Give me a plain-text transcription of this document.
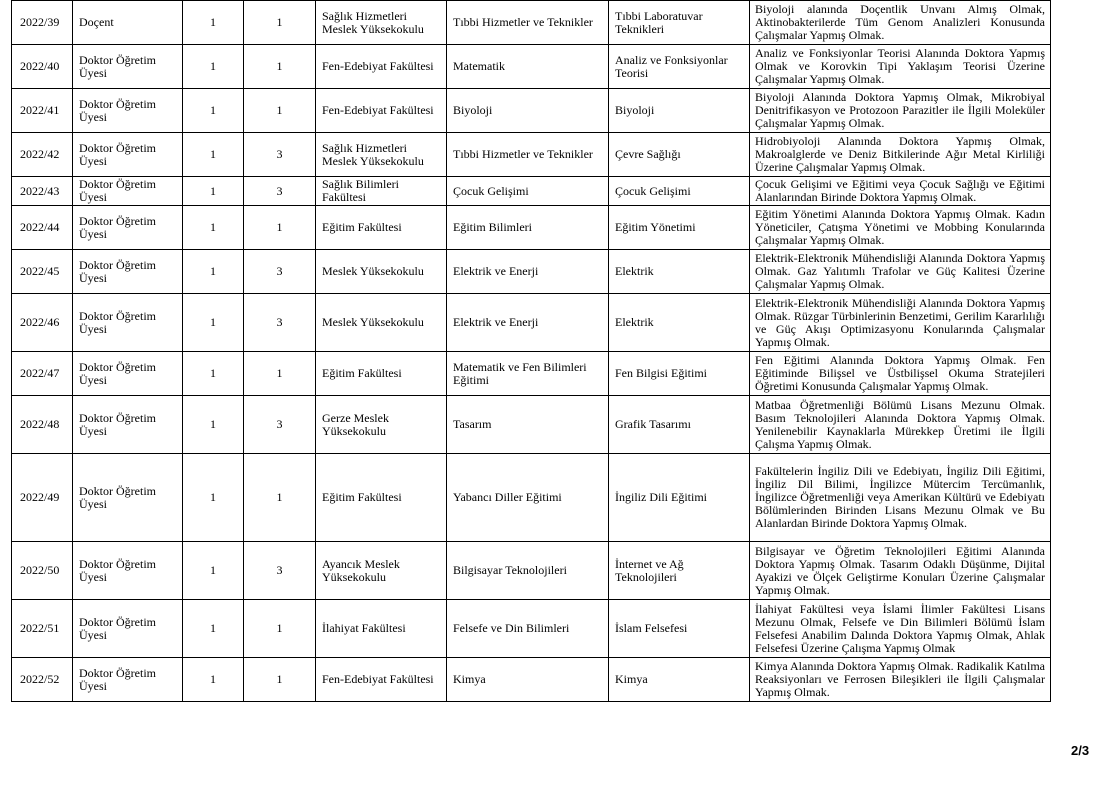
2022/39	Doçent	1	1	Sağlık Hizmetleri Meslek Yüksekokulu	Tıbbi Hizmetler ve Teknikler	Tıbbi Laboratuvar Teknikleri	Biyoloji alanında Doçentlik Unvanı Almış Olmak, Aktinobakterilerde Tüm Genom Analizleri Konusunda Çalışmalar Yapmış Olmak.
2022/40	Doktor Öğretim Üyesi	1	1	Fen-Edebiyat Fakültesi	Matematik	Analiz ve Fonksiyonlar Teorisi	Analiz ve Fonksiyonlar Teorisi Alanında Doktora Yapmış Olmak ve Korovkin Tipi Yaklaşım Teorisi Üzerine Çalışmalar Yapmış Olmak.
2022/41	Doktor Öğretim Üyesi	1	1	Fen-Edebiyat Fakültesi	Biyoloji	Biyoloji	Biyoloji Alanında Doktora Yapmış Olmak, Mikrobiyal Denitrifikasyon ve Protozoon Parazitler ile İlgili Moleküler Çalışmalar Yapmış Olmak.
2022/42	Doktor Öğretim Üyesi	1	3	Sağlık Hizmetleri Meslek Yüksekokulu	Tıbbi Hizmetler ve Teknikler	Çevre Sağlığı	Hidrobiyoloji Alanında Doktora Yapmış Olmak, Makroalglerde ve Deniz Bitkilerinde Ağır Metal Kirliliği Üzerine Çalışmalar Yapmış Olmak.
2022/43	Doktor Öğretim Üyesi	1	3	Sağlık Bilimleri Fakültesi	Çocuk Gelişimi	Çocuk Gelişimi	Çocuk Gelişimi ve Eğitimi veya Çocuk Sağlığı ve Eğitimi Alanlarından Birinde Doktora Yapmış Olmak.
2022/44	Doktor Öğretim Üyesi	1	1	Eğitim Fakültesi	Eğitim Bilimleri	Eğitim Yönetimi	Eğitim Yönetimi Alanında Doktora Yapmış Olmak. Kadın Yöneticiler, Çatışma Yönetimi ve Mobbing Konularında Çalışmalar Yapmış Olmak.
2022/45	Doktor Öğretim Üyesi	1	3	Meslek Yüksekokulu	Elektrik ve Enerji	Elektrik	Elektrik-Elektronik Mühendisliği Alanında Doktora Yapmış Olmak. Gaz Yalıtımlı Trafolar ve Güç Kalitesi Üzerine Çalışmalar Yapmış Olmak.
2022/46	Doktor Öğretim Üyesi	1	3	Meslek Yüksekokulu	Elektrik ve Enerji	Elektrik	Elektrik-Elektronik Mühendisliği Alanında Doktora Yapmış Olmak. Rüzgar Türbinlerinin Benzetimi, Gerilim Kararlılığı ve Güç Akışı Optimizasyonu Konularında Çalışmalar Yapmış Olmak.
2022/47	Doktor Öğretim Üyesi	1	1	Eğitim Fakültesi	Matematik ve Fen Bilimleri Eğitimi	Fen Bilgisi Eğitimi	Fen Eğitimi Alanında Doktora Yapmış Olmak. Fen Eğitiminde Bilişsel ve Üstbilişsel Okuma Stratejileri Öğretimi Konusunda Çalışmalar Yapmış Olmak.
2022/48	Doktor Öğretim Üyesi	1	3	Gerze Meslek Yüksekokulu	Tasarım	Grafik Tasarımı	Matbaa Öğretmenliği Bölümü Lisans Mezunu Olmak. Basım Teknolojileri Alanında Doktora Yapmış Olmak. Yenilenebilir Kaynaklarla Mürekkep Üretimi ile İlgili Çalışma Yapmış Olmak.
2022/49	Doktor Öğretim Üyesi	1	1	Eğitim Fakültesi	Yabancı Diller Eğitimi	İngiliz Dili Eğitimi	Fakültelerin İngiliz Dili ve Edebiyatı, İngiliz Dili Eğitimi, İngiliz Dil Bilimi, İngilizce Mütercim Tercümanlık, İngilizce Öğretmenliği veya Amerikan Kültürü ve Edebiyatı Bölümlerinden Birinden Lisans Mezunu Olmak ve Bu Alanlardan Birinde Doktora Yapmış Olmak.
2022/50	Doktor Öğretim Üyesi	1	3	Ayancık Meslek Yüksekokulu	Bilgisayar Teknolojileri	İnternet ve Ağ Teknolojileri	Bilgisayar ve Öğretim Teknolojileri Eğitimi Alanında Doktora Yapmış Olmak. Tasarım Odaklı Düşünme, Dijital Ayakizi ve Ölçek Geliştirme Konuları Üzerine Çalışmalar Yapmış Olmak.
2022/51	Doktor Öğretim Üyesi	1	1	İlahiyat Fakültesi	Felsefe ve Din Bilimleri	İslam Felsefesi	İlahiyat Fakültesi veya İslami İlimler Fakültesi Lisans Mezunu Olmak, Felsefe ve Din Bilimleri Bölümü İslam Felsefesi Anabilim Dalında Doktora Yapmış Olmak, Ahlak Felsefesi Üzerine Çalışma Yapmış Olmak
2022/52	Doktor Öğretim Üyesi	1	1	Fen-Edebiyat Fakültesi	Kimya	Kimya	Kimya Alanında Doktora Yapmış Olmak. Radikalik Katılma Reaksiyonları ve Ferrosen Bileşikleri ile İlgili Çalışmalar Yapmış Olmak.
2/3
